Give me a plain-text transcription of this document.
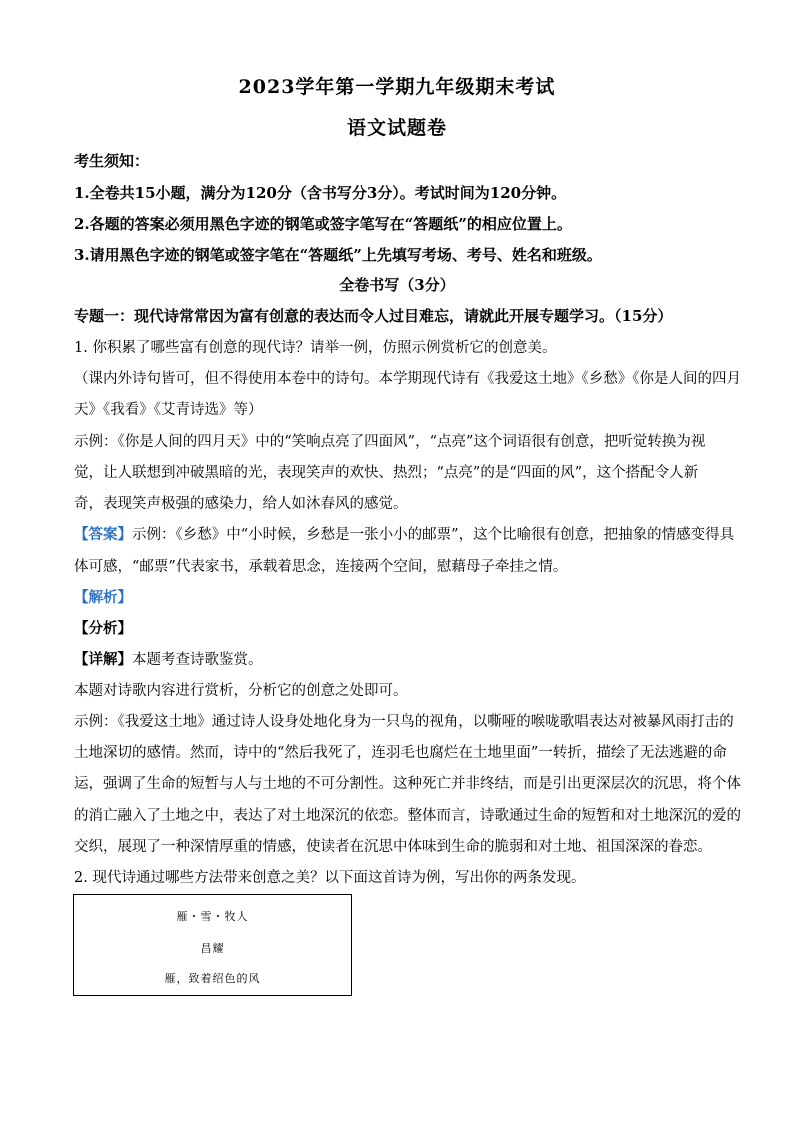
2023学年第一学期九年级期末考试
语文试题卷
考生须知：
1.全卷共15小题，满分为120分（含书写分3分）。考试时间为120分钟。
2.各题的答案必须用黑色字迹的钢笔或签字笔写在“答题纸”的相应位置上。
3.请用黑色字迹的钢笔或签字笔在“答题纸”上先填写考场、考号、姓名和班级。
全卷书写（3分）
专题一：现代诗常常因为富有创意的表达而令人过目难忘，请就此开展专题学习。（15分）
1. 你积累了哪些富有创意的现代诗？请举一例，仿照示例赏析它的创意美。
（课内外诗句皆可，但不得使用本卷中的诗句。本学期现代诗有《我爱这土地》《乡愁》《你是人间的四月
天》《我看》《艾青诗选》等）
示例：《你是人间的四月天》中的“笑响点亮了四面风”，“点亮”这个词语很有创意，把听觉转换为视
觉，让人联想到冲破黑暗的光，表现笑声的欢快、热烈；“点亮”的是“四面的风”，这个搭配令人新
奇，表现笑声极强的感染力，给人如沐春风的感觉。
【答案】示例：《乡愁》中“小时候，乡愁是一张小小的邮票”，这个比喻很有创意，把抽象的情感变得具
体可感，“邮票”代表家书，承载着思念，连接两个空间，慰藉母子牵挂之情。
【解析】
【分析】
【详解】本题考查诗歌鉴赏。
本题对诗歌内容进行赏析，分析它的创意之处即可。
示例：《我爱这土地》通过诗人设身处地化身为一只鸟的视角，以嘶哑的喉咙歌唱表达对被暴风雨打击的
土地深切的感情。然而，诗中的“然后我死了，连羽毛也腐烂在土地里面”一转折，描绘了无法逃避的命
运，强调了生命的短暂与人与土地的不可分割性。这种死亡并非终结，而是引出更深层次的沉思，将个体
的消亡融入了土地之中，表达了对土地深沉的依恋。整体而言，诗歌通过生命的短暂和对土地深沉的爱的
交织，展现了一种深情厚重的情感，使读者在沉思中体味到生命的脆弱和对土地、祖国深深的眷恋。
2. 现代诗通过哪些方法带来创意之美？以下面这首诗为例，写出你的两条发现。
雁・雪・牧人
昌耀
雁，致着绍色的风
